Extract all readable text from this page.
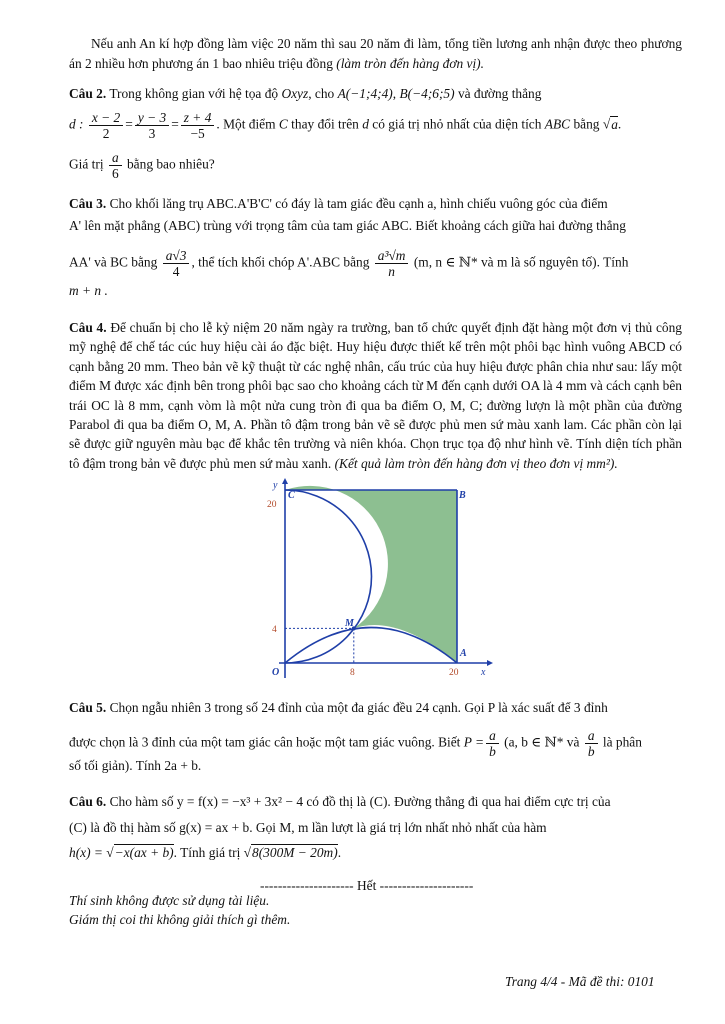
Nếu anh An kí hợp đồng làm việc 20 năm thì sau 20 năm đi làm, tổng tiền lương anh nhận được theo phương án 2 nhiều hơn phương án 1 bao nhiêu triệu đồng (làm tròn đến hàng đơn vị).
Câu 2. Trong không gian với hệ tọa độ Oxyz, cho A(−1;4;4), B(−4;6;5) và đường thẳng
d : $\frac{x - 2}{2} = \frac{y - 3}{3} = \frac{z + 4}{-5}$ . Một điểm C thay đổi trên d có giá trị nhỏ nhất của diện tích ABC bằng √a.
Giá trị $\frac{a}{6}$ bằng bao nhiêu?
Câu 3. Cho khối lăng trụ ABC.A'B'C' có đáy là tam giác đều cạnh a, hình chiếu vuông góc của điểm
A' lên mặt phẳng (ABC) trùng với trọng tâm của tam giác ABC. Biết khoảng cách giữa hai đường thẳng
AA' và BC bằng $\frac{a√3}{4}$ , thể tích khối chóp A'.ABC bằng $\frac{\text{a³√m}}{n} (m$, n ∈ ℕ* và m là số nguyên tố). Tính
m + n .
Câu 4. Để chuẩn bị cho lễ kỷ niệm 20 năm ngày ra trường, ban tổ chức quyết định đặt hàng một đơn vị thủ công mỹ nghệ để chế tác cúc huy hiệu cài áo đặc biệt. Huy hiệu được thiết kế trên một phôi bạc hình vuông ABCD có cạnh bằng 20 mm. Theo bản vẽ kỹ thuật từ các nghệ nhân, cấu trúc của huy hiệu được phân chia như sau: lấy một điểm M được xác định bên trong phôi bạc sao cho khoảng cách từ M đến cạnh dưới OA là 4 mm và cách cạnh bên trái OC là 8 mm, cạnh vòm là một nửa cung tròn đi qua ba điểm O, M, C; đường lượn là một phần của đường Parabol đi qua ba điểm O, M, A. Phần tô đậm trong bản vẽ sẽ được phủ men sứ màu xanh lam. Các phần còn lại sẽ được giữ nguyên màu bạc để khắc tên trường và niên khóa. Chọn trục tọa độ như hình vẽ. Tính diện tích phần tô đậm trong bản vẽ được phủ men sứ màu xanh. (Kết quả làm tròn đến hàng đơn vị theo đơn vị mm²).
y
x
O
C	B
M
A
20
4
8	20
Câu 5. Chọn ngẫu nhiên 3 trong số 24 đỉnh của một đa giác đều 24 cạnh. Gọi P là xác suất để 3 đỉnh
được chọn là 3 đỉnh của một tam giác cân hoặc một tam giác vuông. Biết $P = \frac{a}{b} (a$, b ∈ ℕ* và $\frac{a}{b}$ là phân
số tối giản). Tính 2a + b.
Câu 6. Cho hàm số y = f(x) = −x³ + 3x² − 4 có đồ thị là (C). Đường thẳng đi qua hai điểm cực trị của
(C) là đồ thị hàm số g(x) = ax + b. Gọi M, m lần lượt là giá trị lớn nhất nhỏ nhất của hàm
h(x) = √−x(ax + b). Tính giá trị √8(300M − 20m).
--------------------- Hết ---------------------
Thí sinh không được sử dụng tài liệu.
Giám thị coi thi không giải thích gì thêm.
Trang 4/4 - Mã đề thi: 0101
